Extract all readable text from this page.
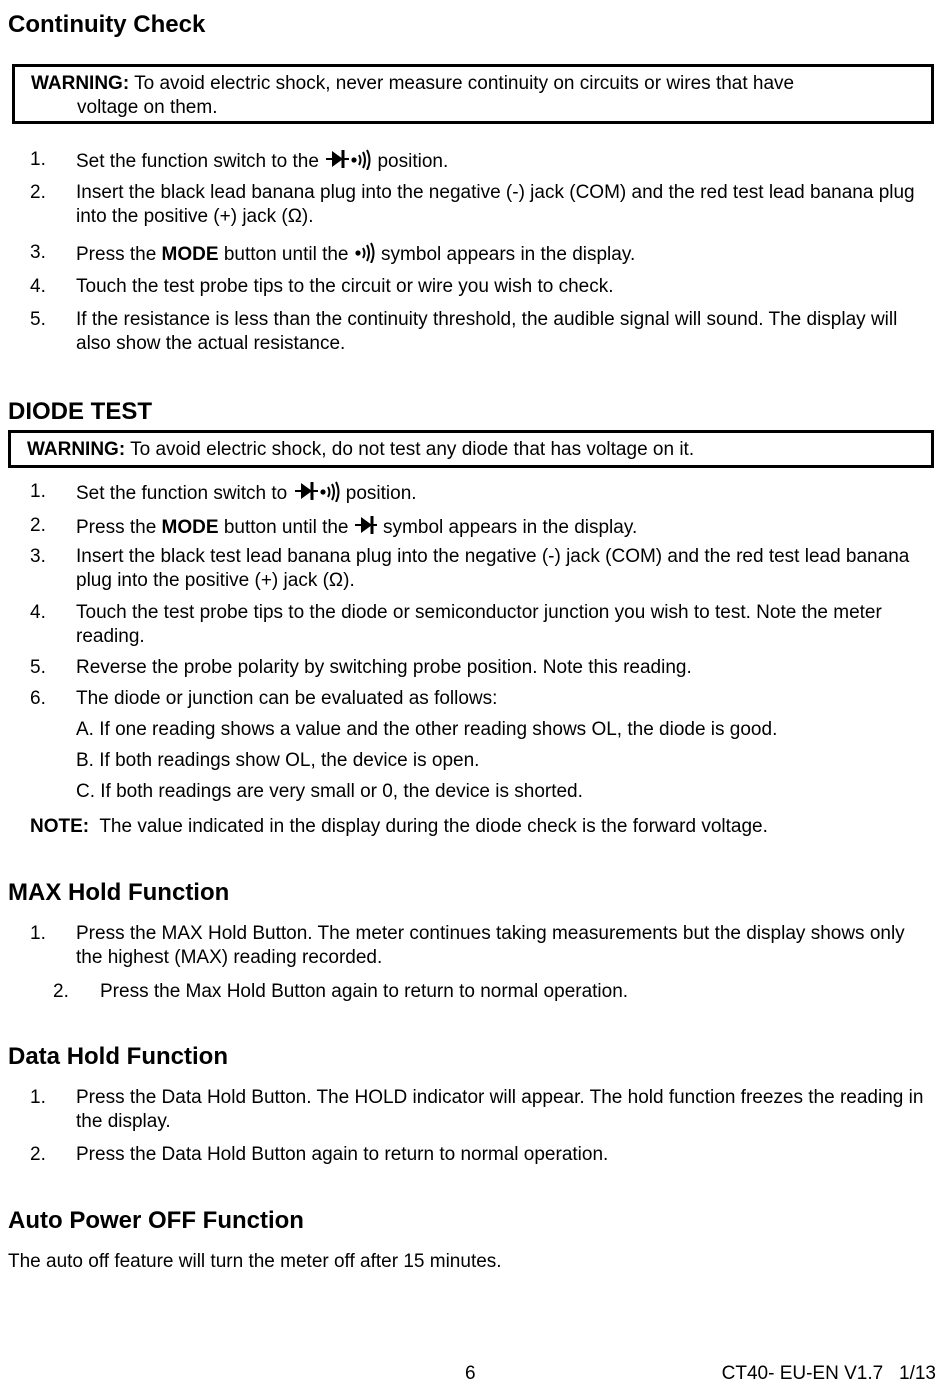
Continuity Check
WARNING: To avoid electric shock, never measure continuity on circuits or wires that have
voltage on them.
1. Set the function switch to the	position.
2. Insert the black lead banana plug into the negative (-) jack (COM) and the red test lead banana plug into the positive (+) jack (Ω).
3. Press the MODE button until the symbol appears in the display.
4. Touch the test probe tips to the circuit or wire you wish to check.
5. If the resistance is less than the continuity threshold, the audible signal will sound. The display will also show the actual resistance.
DIODE TEST
WARNING: To avoid electric shock, do not test any diode that has voltage on it.
1. Set the function switch to	position.
2. Press the MODE button until the symbol appears in the display.
3. Insert the black test lead banana plug into the negative (-) jack (COM) and the red test lead banana plug into the positive (+) jack (Ω).
4. Touch the test probe tips to the diode or semiconductor junction you wish to test. Note the meter reading.
5. Reverse the probe polarity by switching probe position. Note this reading.
6. The diode or junction can be evaluated as follows:
A. If one reading shows a value and the other reading shows OL, the diode is good.
B. If both readings show OL, the device is open.
C. If both readings are very small or 0, the device is shorted.
NOTE: The value indicated in the display during the diode check is the forward voltage.
MAX Hold Function
1. Press the MAX Hold Button. The meter continues taking measurements but the display shows only the highest (MAX) reading recorded.
2. Press the Max Hold Button again to return to normal operation.
Data Hold Function
1. Press the Data Hold Button. The HOLD indicator will appear. The hold function freezes the reading in the display.
2. Press the Data Hold Button again to return to normal operation.
Auto Power OFF Function
The auto off feature will turn the meter off after 15 minutes.
6	CT40- EU-EN V1.7   1/13
